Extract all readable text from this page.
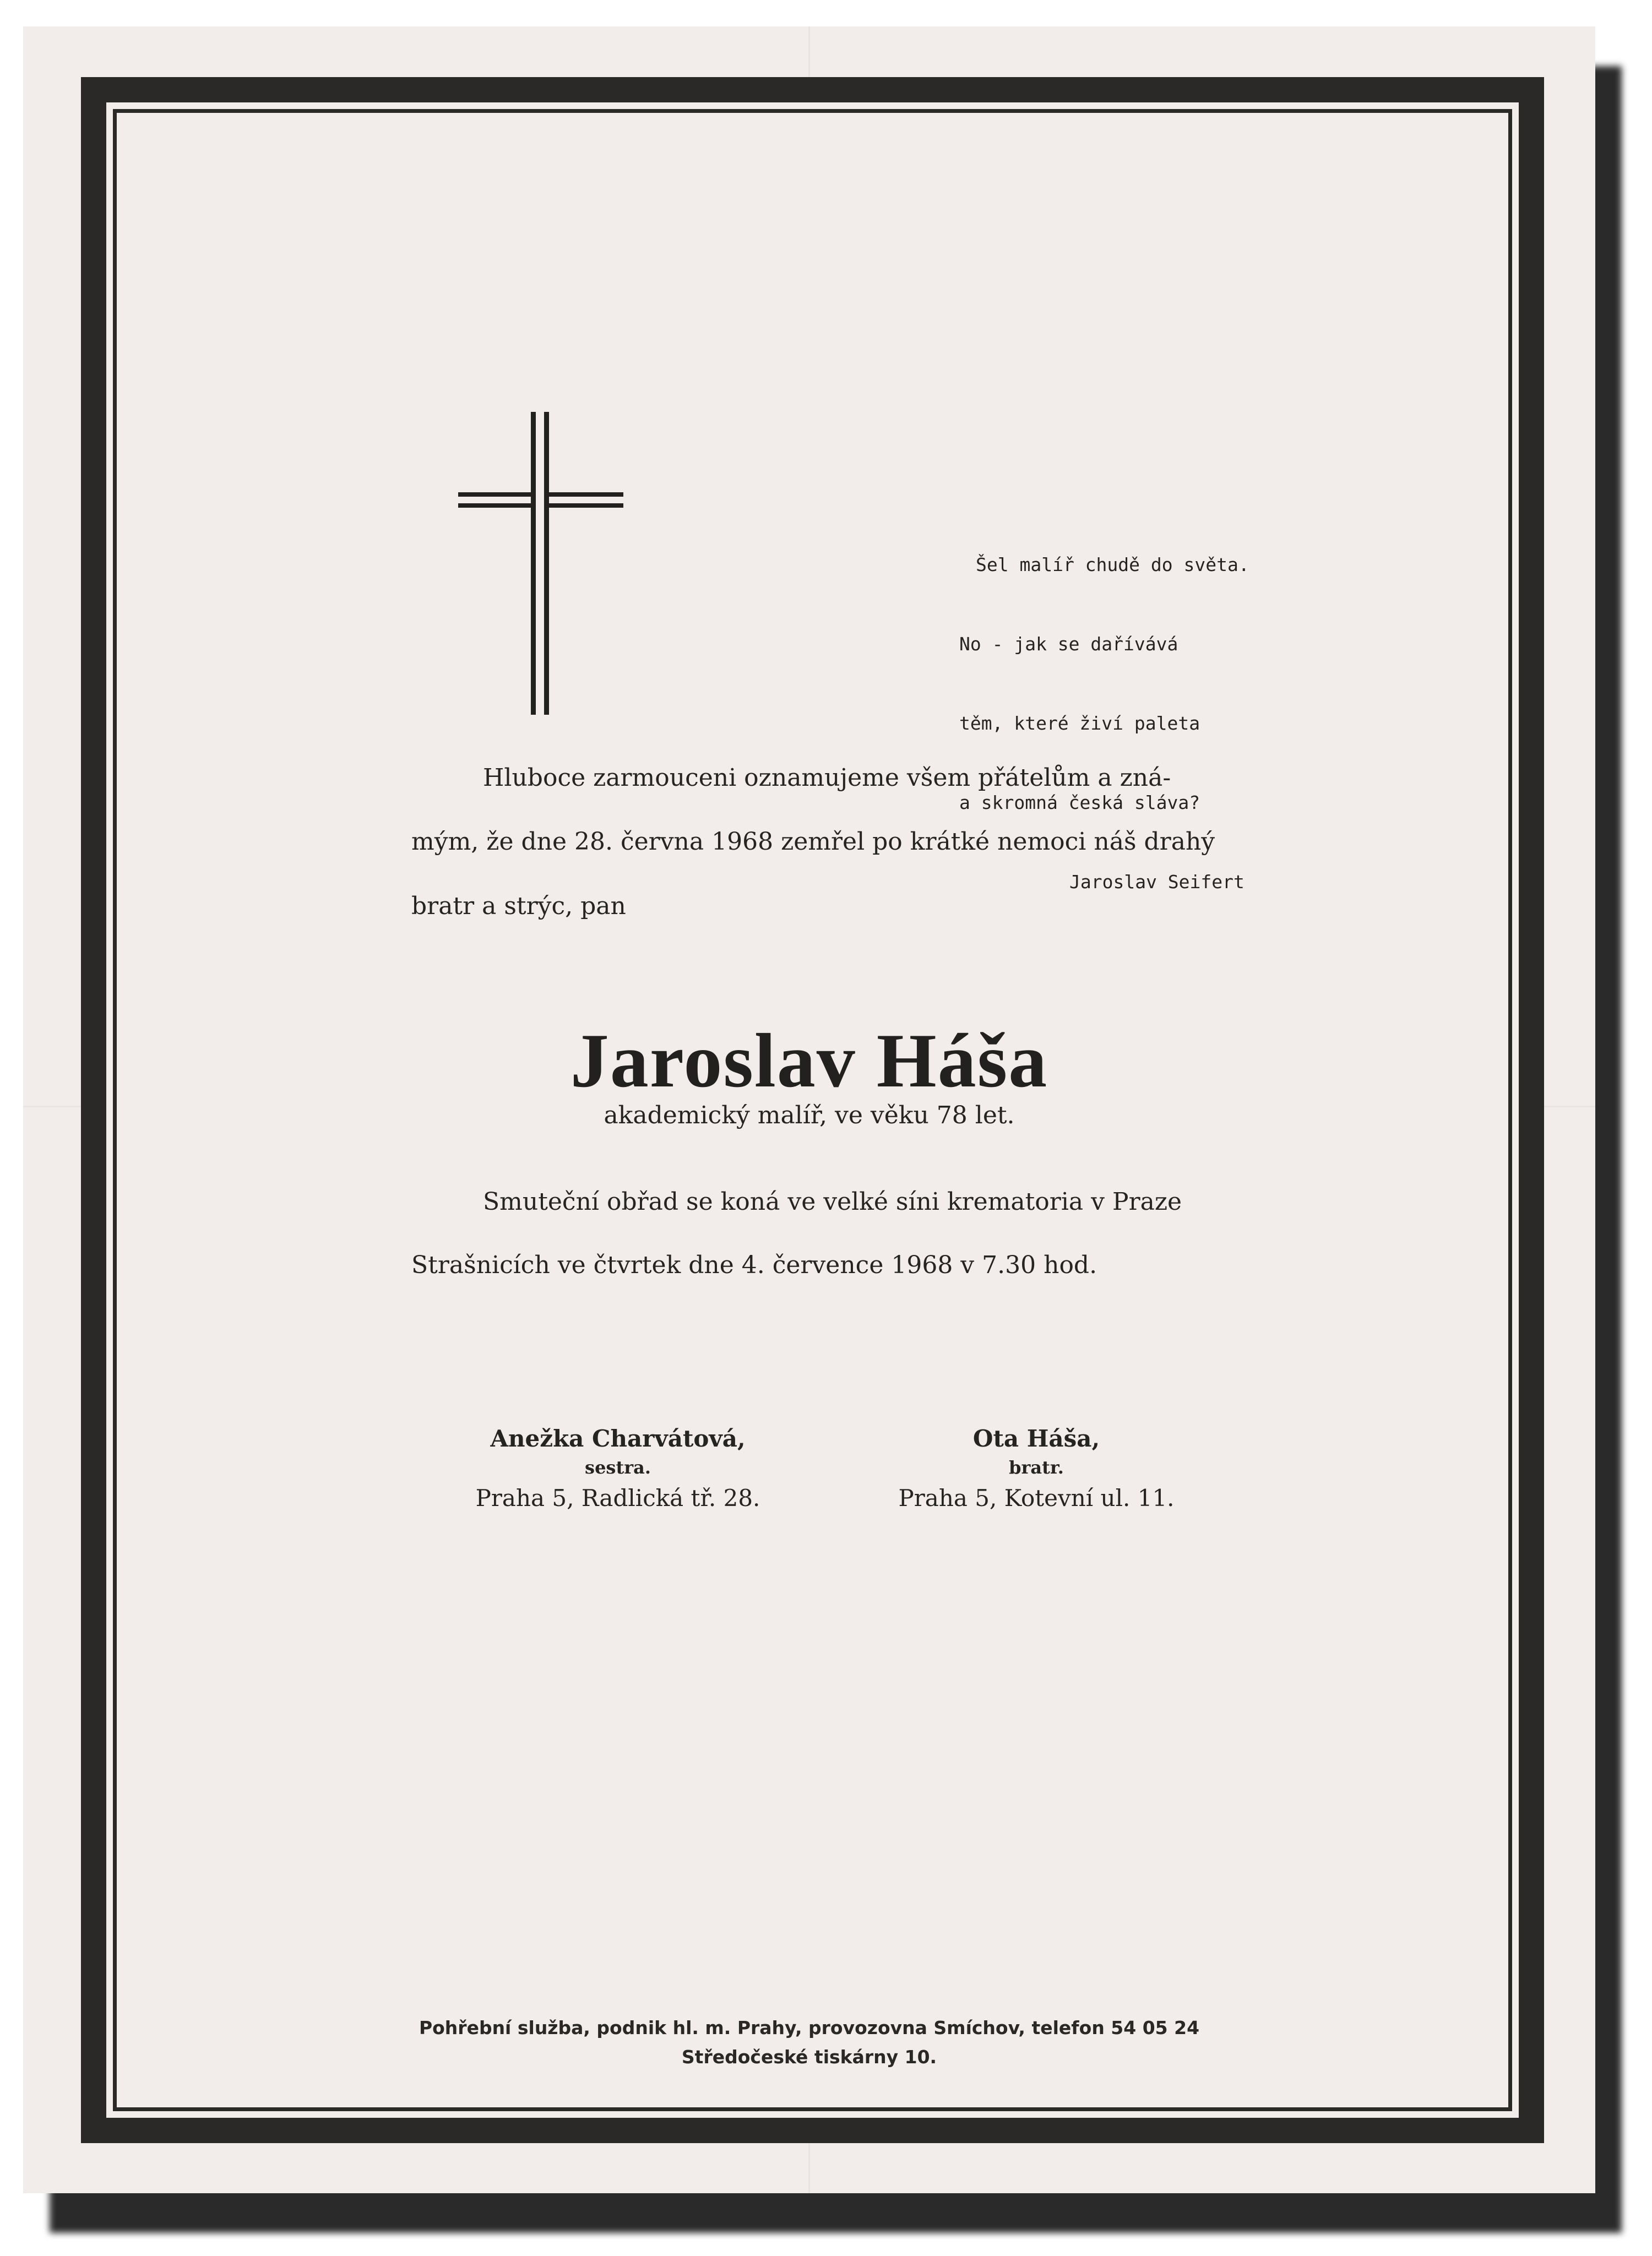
Šel malíř chudě do světa.

No - jak se dařívává

těm, které živí paleta

a skromná česká sláva?

Jaroslav Seifert

Hluboce zarmouceni oznamujeme všem přátelům a zná-
mým, že dne 28. června 1968 zemřel po krátké nemoci náš drahý
bratr a strýc, pan
Jaroslav Háša
akademický malíř, ve věku 78 let.
Smuteční obřad se koná ve velké síni krematoria v Praze
Strašnicích ve čtvrtek dne 4. července 1968 v 7.30 hod.
Anežka Charvátová,
sestra.
Praha 5, Radlická tř. 28.
Ota Háša,
bratr.
Praha 5, Kotevní ul. 11.
Pohřební služba, podnik hl. m. Prahy, provozovna Smíchov, telefon 54 05 24
Středočeské tiskárny 10.
